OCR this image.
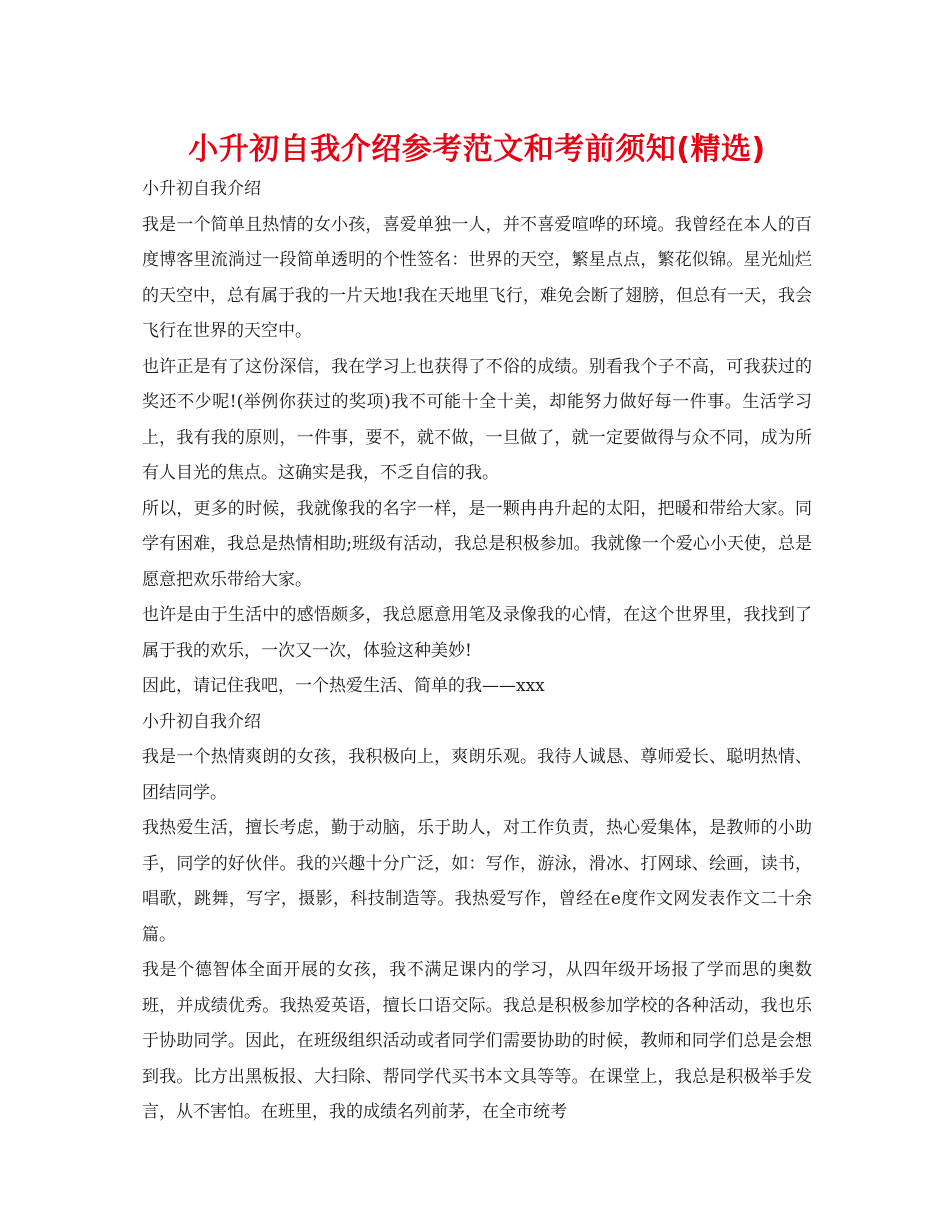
小升初自我介绍参考范文和考前须知(精选)

小升初自我介绍

我是一个简单且热情的女小孩，喜爱单独一人，并不喜爱喧哗的环境。我曾经在本人的百度博客里流淌过一段简单透明的个性签名：世界的天空，繁星点点，繁花似锦。星光灿烂的天空中，总有属于我的一片天地!我在天地里飞行，难免会断了翅膀，但总有一天，我会飞行在世界的天空中。

也许正是有了这份深信，我在学习上也获得了不俗的成绩。别看我个子不高，可我获过的奖还不少呢!(举例你获过的奖项)我不可能十全十美，却能努力做好每一件事。生活学习上，我有我的原则，一件事，要不，就不做，一旦做了，就一定要做得与众不同，成为所有人目光的焦点。这确实是我，不乏自信的我。

所以，更多的时候，我就像我的名字一样，是一颗冉冉升起的太阳，把暖和带给大家。同学有困难，我总是热情相助;班级有活动，我总是积极参加。我就像一个爱心小天使，总是愿意把欢乐带给大家。

也许是由于生活中的感悟颇多，我总愿意用笔及录像我的心情，在这个世界里，我找到了属于我的欢乐，一次又一次，体验这种美妙!

因此，请记住我吧，一个热爱生活、简单的我——xxx

小升初自我介绍

我是一个热情爽朗的女孩，我积极向上，爽朗乐观。我待人诚恳、尊师爱长、聪明热情、团结同学。

我热爱生活，擅长考虑，勤于动脑，乐于助人，对工作负责，热心爱集体，是教师的小助手，同学的好伙伴。我的兴趣十分广泛，如：写作，游泳，滑冰、打网球、绘画，读书，唱歌，跳舞，写字，摄影，科技制造等。我热爱写作，曾经在e度作文网发表作文二十余篇。

我是个德智体全面开展的女孩，我不满足课内的学习，从四年级开场报了学而思的奥数班，并成绩优秀。我热爱英语，擅长口语交际。我总是积极参加学校的各种活动，我也乐于协助同学。因此，在班级组织活动或者同学们需要协助的时候，教师和同学们总是会想到我。比方出黑板报、大扫除、帮同学代买书本文具等等。在课堂上，我总是积极举手发言，从不害怕。在班里，我的成绩名列前茅，在全市统考
